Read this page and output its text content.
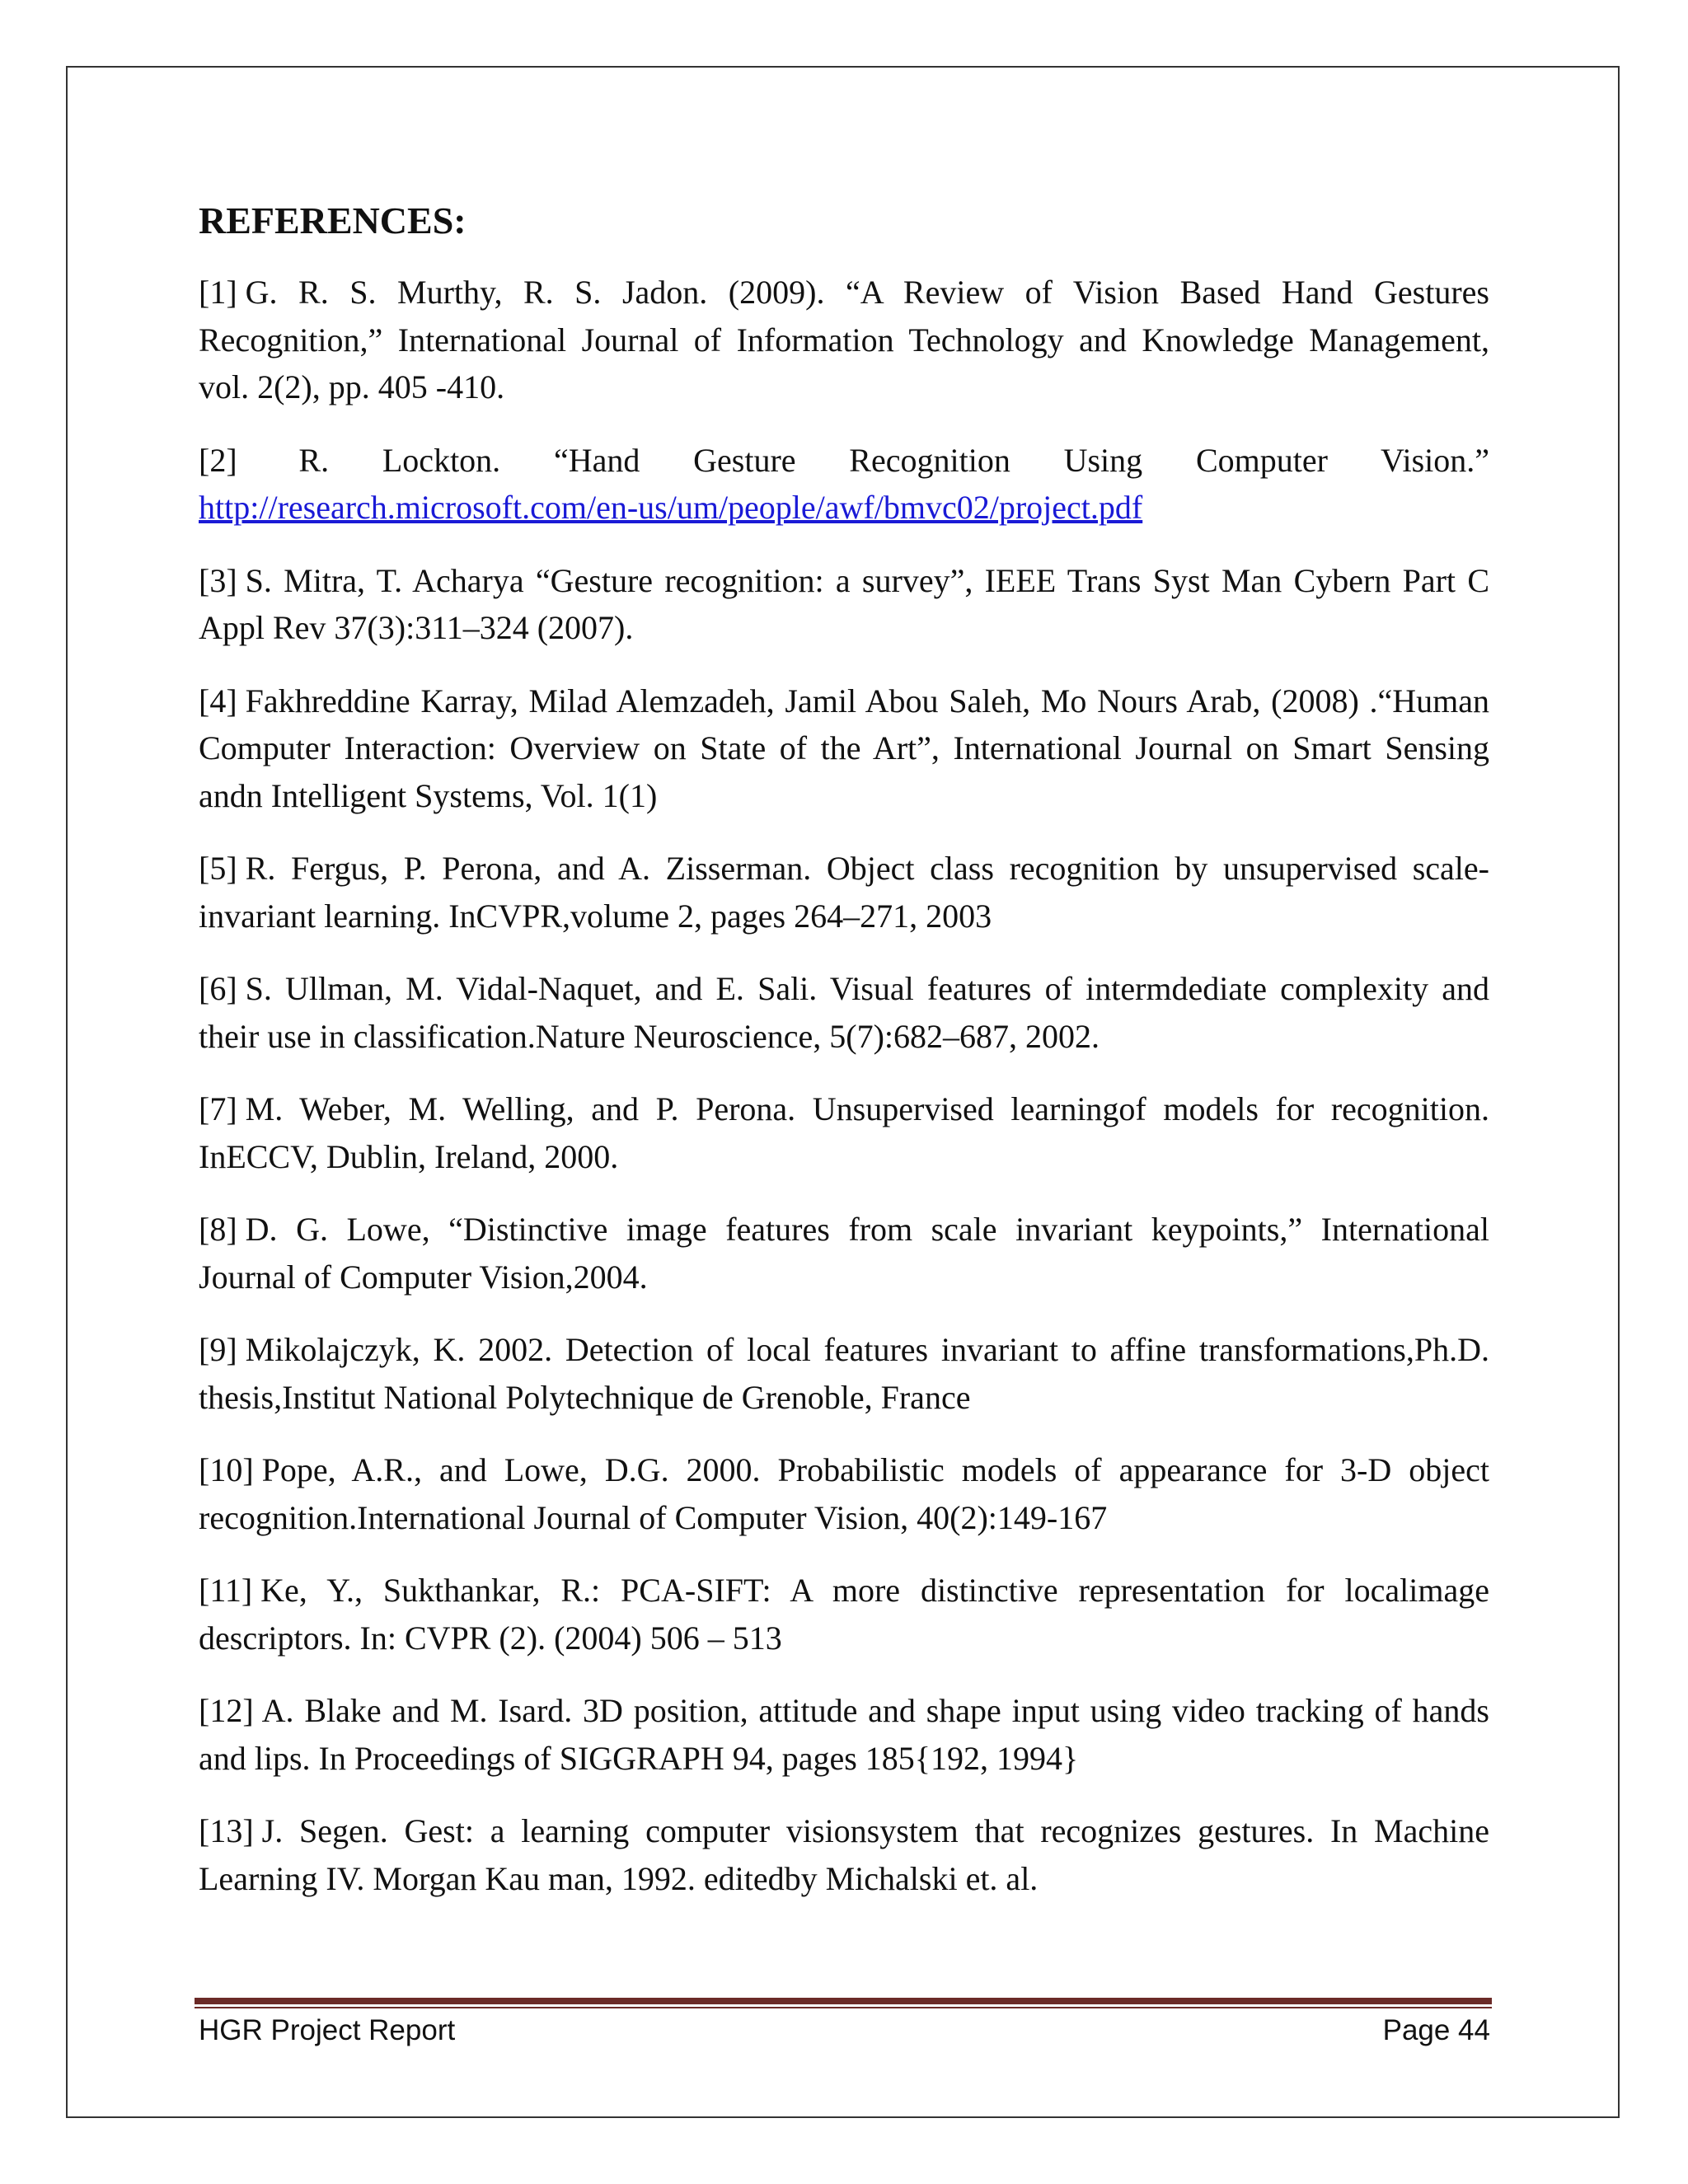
REFERENCES:
[1] G. R. S. Murthy, R. S. Jadon. (2009). “A Review of Vision Based Hand Gestures Recognition,” International Journal of Information Technology and Knowledge Management, vol. 2(2), pp. 405 -410.
[2] R. Lockton. “Hand Gesture Recognition Using Computer Vision.”
http://research.microsoft.com/en-us/um/people/awf/bmvc02/project.pdf
[3] S. Mitra, T. Acharya “Gesture recognition: a survey”, IEEE Trans Syst Man Cybern Part C Appl Rev 37(3):311–324 (2007).
[4] Fakhreddine Karray, Milad Alemzadeh, Jamil Abou Saleh, Mo Nours Arab, (2008) .“Human Computer Interaction: Overview on State of the Art”, International Journal on Smart Sensing andn Intelligent Systems, Vol. 1(1)
[5] R. Fergus, P. Perona, and A. Zisserman. Object class recognition by unsupervised scale-invariant learning. InCVPR,volume 2, pages 264–271, 2003
[6] S. Ullman, M. Vidal-Naquet, and E. Sali. Visual features of intermdediate complexity and their use in classification.Nature Neuroscience, 5(7):682–687, 2002.
[7] M. Weber, M. Welling, and P. Perona. Unsupervised learningof models for recognition. InECCV, Dublin, Ireland, 2000.
[8] D. G. Lowe, “Distinctive image features from scale invariant keypoints,” International Journal of Computer Vision,2004.
[9] Mikolajczyk, K. 2002. Detection of local features invariant to affine transformations,Ph.D. thesis,Institut National Polytechnique de Grenoble, France
[10] Pope, A.R., and Lowe, D.G. 2000. Probabilistic models of appearance for 3-D object recognition.International Journal of Computer Vision, 40(2):149-167
[11] Ke, Y., Sukthankar, R.: PCA-SIFT: A more distinctive representation for localimage descriptors. In: CVPR (2). (2004) 506 – 513
[12] A. Blake and M. Isard. 3D position, attitude and shape input using video tracking of hands and lips. In Proceedings of SIGGRAPH 94, pages 185{192, 1994}
[13] J. Segen. Gest: a learning computer visionsystem that recognizes gestures. In Machine Learning IV. Morgan Kau man, 1992. editedby Michalski et. al.
HGR Project Report	Page 44
